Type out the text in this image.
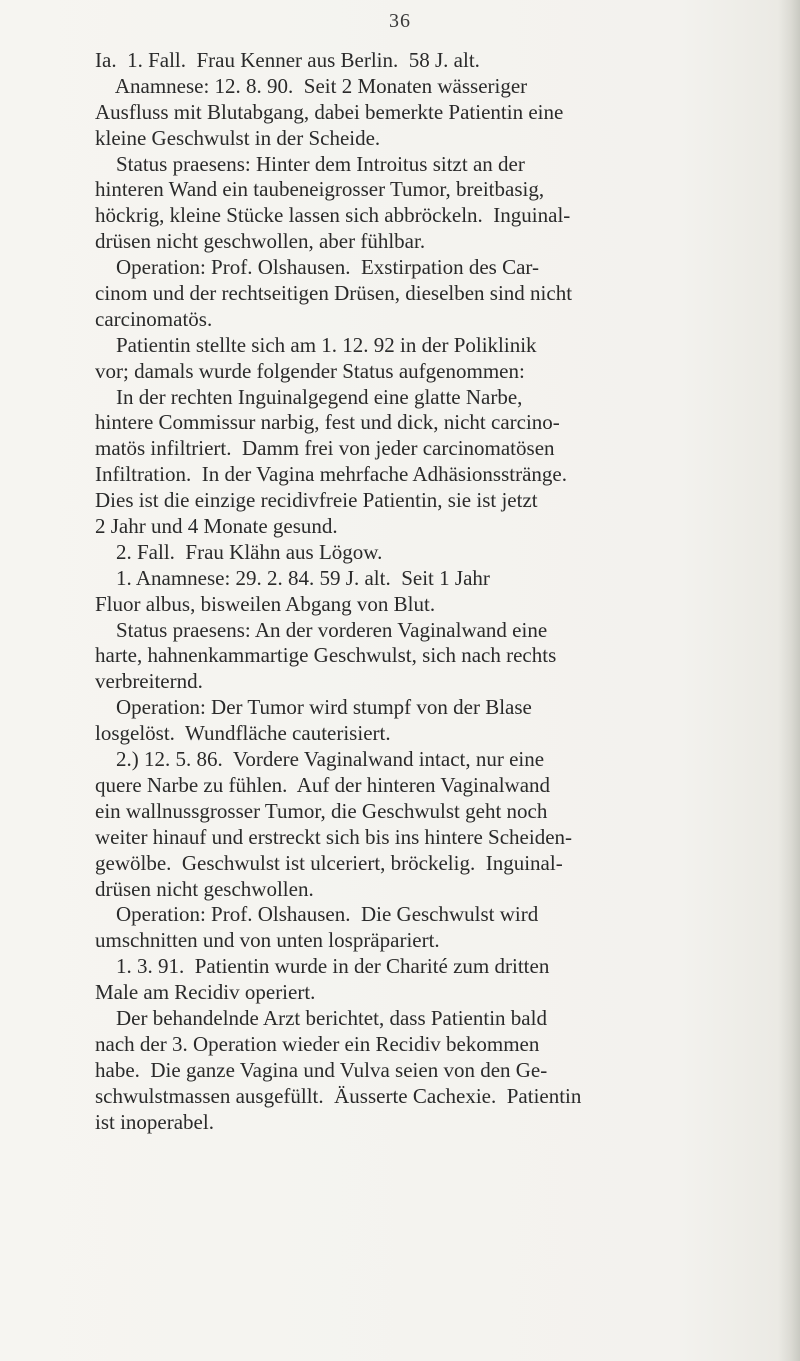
36
Ia.  1. Fall.  Frau Kenner aus Berlin.  58 J. alt.
Anamnese: 12. 8. 90.  Seit 2 Monaten wässeriger
Ausfluss mit Blutabgang, dabei bemerkte Patientin eine
kleine Geschwulst in der Scheide.
Status praesens: Hinter dem Introitus sitzt an der
hinteren Wand ein taubeneigrosser Tumor, breitbasig,
höckrig, kleine Stücke lassen sich abbröckeln.  Inguinal-
drüsen nicht geschwollen, aber fühlbar.
Operation: Prof. Olshausen.  Exstirpation des Car-
cinom und der rechtseitigen Drüsen, dieselben sind nicht
carcinomatös.
Patientin stellte sich am 1. 12. 92 in der Poliklinik
vor; damals wurde folgender Status aufgenommen:
In der rechten Inguinalgegend eine glatte Narbe,
hintere Commissur narbig, fest und dick, nicht carcino-
matös infiltriert.  Damm frei von jeder carcinomatösen
Infiltration.  In der Vagina mehrfache Adhäsionsstränge.
Dies ist die einzige recidivfreie Patientin, sie ist jetzt
2 Jahr und 4 Monate gesund.
2. Fall.  Frau Klähn aus Lögow.
1. Anamnese: 29. 2. 84. 59 J. alt.  Seit 1 Jahr
Fluor albus, bisweilen Abgang von Blut.
Status praesens: An der vorderen Vaginalwand eine
harte, hahnenkammartige Geschwulst, sich nach rechts
verbreiternd.
Operation: Der Tumor wird stumpf von der Blase
losgelöst.  Wundfläche cauterisiert.
2.) 12. 5. 86.  Vordere Vaginalwand intact, nur eine
quere Narbe zu fühlen.  Auf der hinteren Vaginalwand
ein wallnussgrosser Tumor, die Geschwulst geht noch
weiter hinauf und erstreckt sich bis ins hintere Scheiden-
gewölbe.  Geschwulst ist ulceriert, bröckelig.  Inguinal-
drüsen nicht geschwollen.
Operation: Prof. Olshausen.  Die Geschwulst wird
umschnitten und von unten lospräpariert.
1. 3. 91.  Patientin wurde in der Charité zum dritten
Male am Recidiv operiert.
Der behandelnde Arzt berichtet, dass Patientin bald
nach der 3. Operation wieder ein Recidiv bekommen
habe.  Die ganze Vagina und Vulva seien von den Ge-
schwulstmassen ausgefüllt.  Äusserte Cachexie.  Patientin
ist inoperabel.
